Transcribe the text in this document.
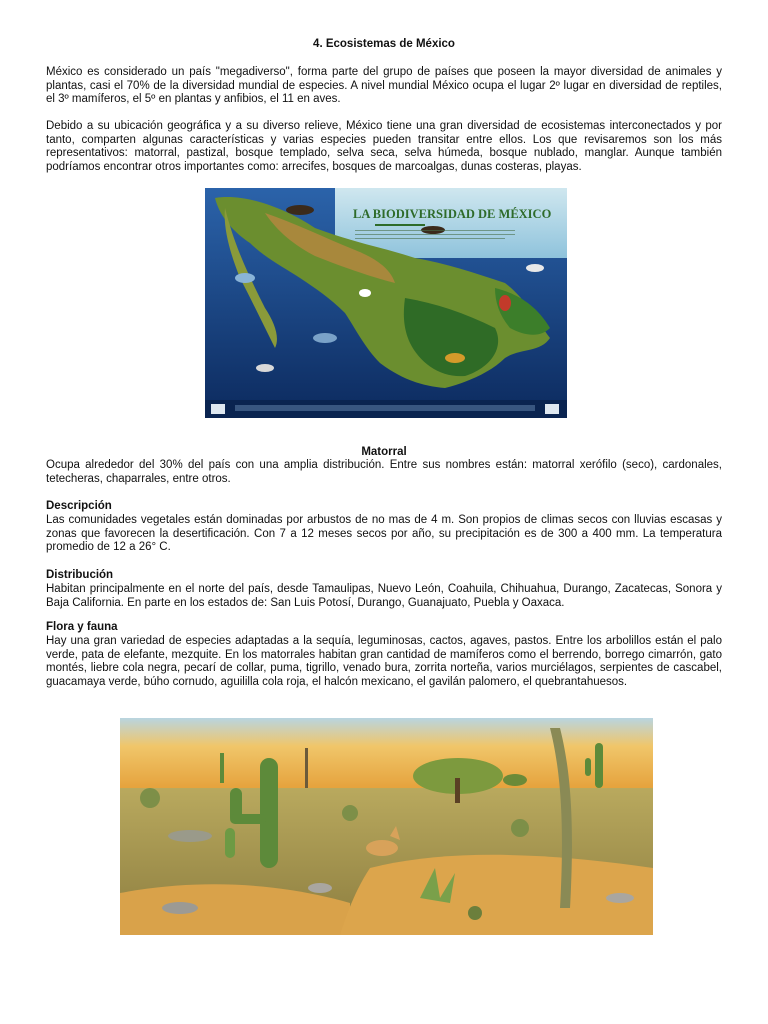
4. Ecosistemas de México

México es considerado un país "megadiverso", forma parte del grupo de países que poseen la mayor diversidad de animales y plantas, casi el 70% de la diversidad mundial de especies. A nivel mundial México ocupa el lugar 2º lugar en diversidad de reptiles, el 3º mamíferos, el 5º en plantas y anfibios, el 11 en aves.

Debido a su ubicación geográfica y a su diverso relieve, México tiene una gran diversidad de ecosistemas interconectados y por tanto, comparten algunas características y varias especies pueden transitar entre ellos. Los que revisaremos son los más representativos: matorral, pastizal, bosque templado, selva seca, selva húmeda, bosque nublado, manglar. Aunque también podríamos encontrar otros importantes como: arrecifes, bosques de marcoalgas, dunas costeras, playas.

LA BIODIVERSIDAD DE MÉXICO
Matorral

Ocupa alrededor del 30% del país con una amplia distribución. Entre sus nombres están: matorral xerófilo (seco), cardonales, tetecheras, chaparrales, entre otros.

Descripción

Las comunidades vegetales están dominadas por arbustos de no mas de 4 m. Son propios de climas secos con lluvias escasas y zonas que favorecen la desertificación. Con 7 a 12 meses secos por año, su precipitación es de 300 a 400 mm. La temperatura promedio de 12 a 26° C.

Distribución

Habitan principalmente en el norte del país, desde Tamaulipas, Nuevo León, Coahuila, Chihuahua, Durango, Zacatecas, Sonora y Baja California. En parte en los estados de: San Luis Potosí, Durango, Guanajuato, Puebla y Oaxaca.

Flora y fauna

Hay una gran variedad de especies adaptadas a la sequía, leguminosas, cactos, agaves, pastos. Entre los arbolillos están el palo verde, pata de elefante, mezquite. En los matorrales habitan gran cantidad de mamíferos como el berrendo, borrego cimarrón, gato montés, liebre cola negra, pecarí de collar, puma, tigrillo, venado bura, zorrita norteña, varios murciélagos, serpientes de cascabel, guacamaya verde, búho cornudo, aguililla cola roja, el halcón mexicano, el gavilán palomero, el quebrantahuesos.
